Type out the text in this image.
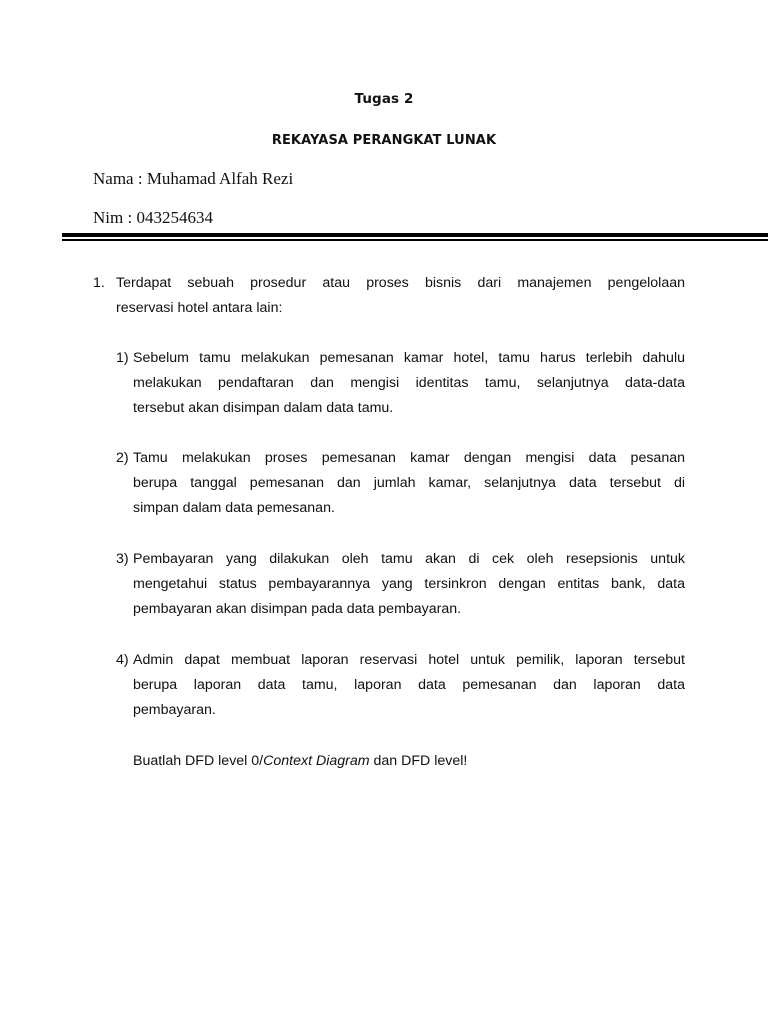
Tugas 2
REKAYASA PERANGKAT LUNAK
Nama : Muhamad Alfah Rezi
Nim : 043254634
1. Terdapat sebuah prosedur atau proses bisnis dari manajemen pengelolaan
reservasi hotel antara lain:
1) Sebelum tamu melakukan pemesanan kamar hotel, tamu harus terlebih dahulu
melakukan pendaftaran dan mengisi identitas tamu, selanjutnya data-data
tersebut akan disimpan dalam data tamu.
2) Tamu melakukan proses pemesanan kamar dengan mengisi data pesanan
berupa tanggal pemesanan dan jumlah kamar, selanjutnya data tersebut di
simpan dalam data pemesanan.
3) Pembayaran yang dilakukan oleh tamu akan di cek oleh resepsionis untuk
mengetahui status pembayarannya yang tersinkron dengan entitas bank, data
pembayaran akan disimpan pada data pembayaran.
4) Admin dapat membuat laporan reservasi hotel untuk pemilik, laporan tersebut
berupa laporan data tamu, laporan data pemesanan dan laporan data
pembayaran.
Buatlah DFD level 0/Context Diagram dan DFD level!
